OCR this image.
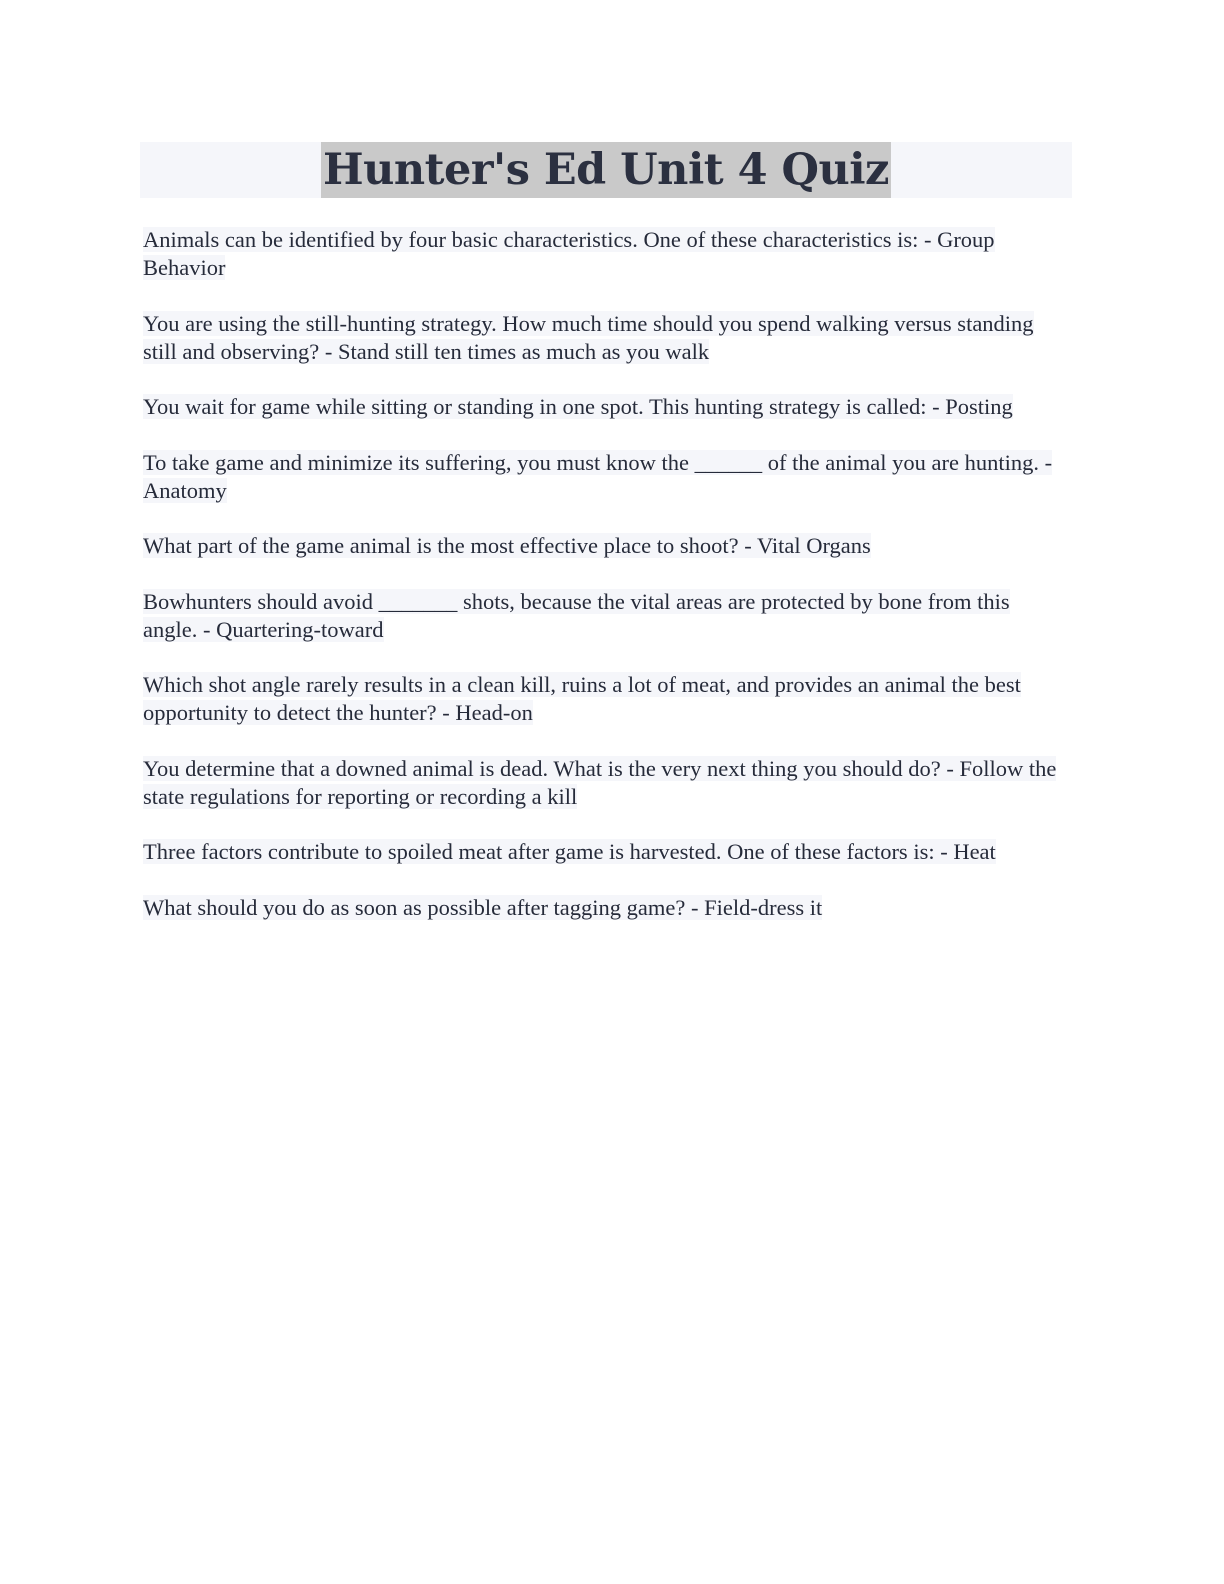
Hunter's Ed Unit 4 Quiz
Animals can be identified by four basic characteristics. One of these characteristics is: - Group Behavior
You are using the still-hunting strategy. How much time should you spend walking versus standing still and observing? - Stand still ten times as much as you walk
You wait for game while sitting or standing in one spot. This hunting strategy is called: - Posting
To take game and minimize its suffering, you must know the ______ of the animal you are hunting. - Anatomy
What part of the game animal is the most effective place to shoot? - Vital Organs
Bowhunters should avoid _______ shots, because the vital areas are protected by bone from this angle. - Quartering-toward
Which shot angle rarely results in a clean kill, ruins a lot of meat, and provides an animal the best opportunity to detect the hunter? - Head-on
You determine that a downed animal is dead. What is the very next thing you should do? - Follow the state regulations for reporting or recording a kill
Three factors contribute to spoiled meat after game is harvested. One of these factors is: - Heat
What should you do as soon as possible after tagging game? - Field-dress it
